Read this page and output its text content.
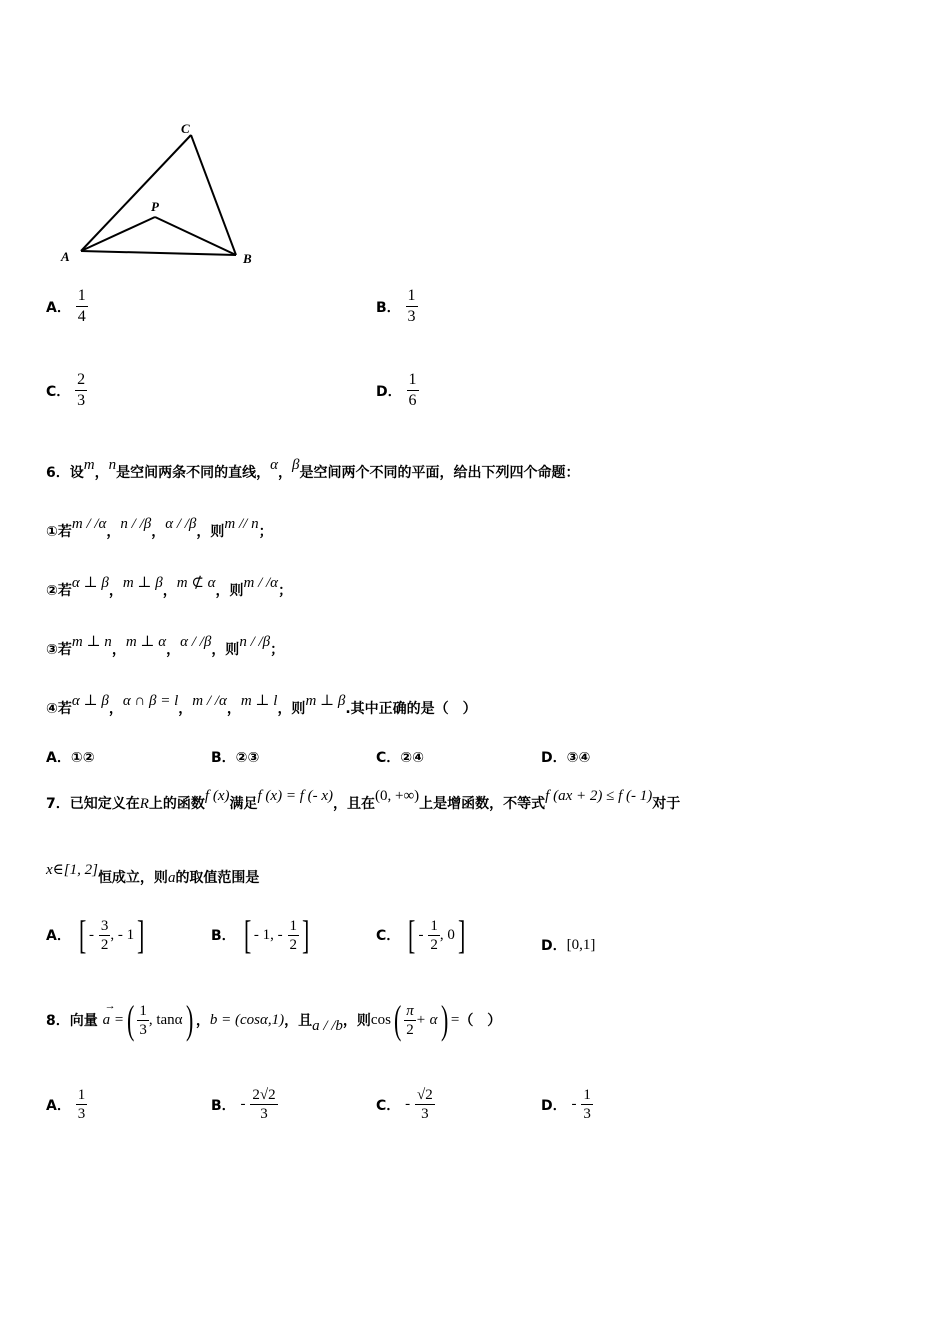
C
P
A	B
A． $\frac{1}{4}$	B． $\frac{1}{3}$
C． $\frac{2}{3}$	D． $\frac{1}{6}$
6．设m，n是空间两条不同的直线，α，β是空间两个不同的平面，给出下列四个命题：
①若m / /α，n / /β，α / /β，则m // n；
②若α ⊥ β，m ⊥ β，m ⊄ α，则m / /α；
③若m ⊥ n，m ⊥ α，α / /β，则n / /β；
④若α ⊥ β，α ∩ β = l，m / /α，m ⊥ l，则m ⊥ β.其中正确的是（　）
A．①②	B．②③	C．②④	D．③④
7．已知定义在R上的函数f (x)满足f (x) = f (- x)，且在(0, +∞)上是增函数，不等式f (ax + 2) ≤ f (- 1)对于
x∈[1, 2]恒成立，则a的取值范围是
A． [ - $\frac{3}{2}$ , - 1]	B． [ - 1, - $\frac{1}{2}$ ]	C． [ - $\frac{1}{2}$ , 0]	D．[0,1]
8．向量
→
a =( $\frac{1}{3}$ , tanα) ，b = (cosα,1)，且a / /b，则$\cos( \frac{\pi}{2} + \alpha)$ =（　）
A． $\frac{1}{3}$	B． - $\frac{2√2}{3}$	C． - $\frac{√2}{3}$	D． - $\frac{1}{3}$
